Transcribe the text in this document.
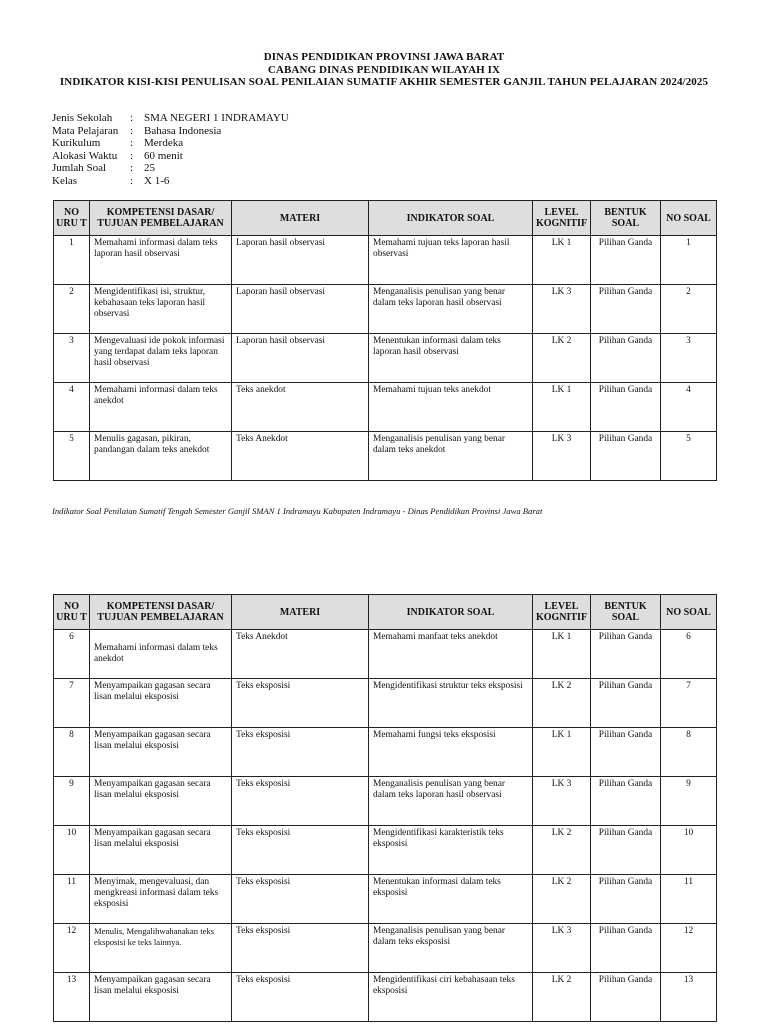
DINAS PENDIDIKAN PROVINSI JAWA BARAT
CABANG DINAS PENDIDIKAN WILAYAH IX
INDIKATOR KISI-KISI PENULISAN SOAL PENILAIAN SUMATIF AKHIR SEMESTER GANJIL TAHUN PELAJARAN 2024/2025
Jenis Sekolah	: SMA NEGERI 1 INDRAMAYU
Mata Pelajaran	: Bahasa Indonesia
Kurikulum	: Merdeka
Alokasi Waktu	: 60 menit
Jumlah Soal	: 25
Kelas	: X 1-6
NO URU T	KOMPETENSI DASAR/ TUJUAN PEMBELAJARAN	MATERI	INDIKATOR SOAL	LEVEL KOGNITIF	BENTUK SOAL	NO SOAL
1	Memahami informasi dalam teks laporan hasil observasi	Laporan hasil observasi	Memahami tujuan teks laporan hasil observasi	LK 1	Pilihan Ganda	1
2	Mengidentifikasi isi, struktur, kebahasaan teks laporan hasil observasi	Laporan hasil observasi	Menganalisis penulisan yang benar dalam teks laporan hasil observasi	LK 3	Pilihan Ganda	2
3	Mengevaluasi ide pokok informasi yang terdapat dalam teks laporan hasil observasi	Laporan hasil observasi	Menentukan informasi dalam teks laporan hasil observasi	LK 2	Pilihan Ganda	3
4	Memahami informasi dalam teks anekdot	Teks anekdot	Memahami tujuan teks anekdot	LK 1	Pilihan Ganda	4
5	Menulis gagasan, pikiran, pandangan dalam teks anekdot	Teks Anekdot	Menganalisis penulisan yang benar dalam teks anekdot	LK 3	Pilihan Ganda	5
Indikator Soal Penilaian Sumatif Tengah Semester Ganjil SMAN 1 Indramayu Kabupaten Indramayu - Dinas Pendidikan Provinsi Jawa Barat
NO URU T	KOMPETENSI DASAR/ TUJUAN PEMBELAJARAN	MATERI	INDIKATOR SOAL	LEVEL KOGNITIF	BENTUK SOAL	NO SOAL
6	Memahami informasi dalam teks anekdot	Teks Anekdot	Memahami manfaat teks anekdot	LK 1	Pilihan Ganda	6
7	Menyampaikan gagasan secara lisan melalui eksposisi	Teks eksposisi	Mengidentifikasi struktur teks eksposisi	LK 2	Pilihan Ganda	7
8	Menyampaikan gagasan secara lisan melalui eksposisi	Teks eksposisi	Memahami fungsi teks eksposisi	LK 1	Pilihan Ganda	8
9	Menyampaikan gagasan secara lisan melalui eksposisi	Teks eksposisi	Menganalisis penulisan yang benar dalam teks laporan hasil observasi	LK 3	Pilihan Ganda	9
10	Menyampaikan gagasan secara lisan melalui eksposisi	Teks eksposisi	Mengidentifikasi karakteristik teks eksposisi	LK 2	Pilihan Ganda	10
11	Menyimak, mengevaluasi, dan mengkreasi informasi dalam teks eksposisi	Teks eksposisi	Menentukan informasi dalam teks eksposisi	LK 2	Pilihan Ganda	11
12	Menulis, Mengalihwahanakan teks eksposisi ke teks lainnya.	Teks eksposisi	Menganalisis penulisan yang benar dalam teks eksposisi	LK 3	Pilihan Ganda	12
13	Menyampaikan gagasan secara lisan melalui eksposisi	Teks eksposisi	Mengidentifikasi ciri kebahasaan teks eksposisi	LK 2	Pilihan Ganda	13
